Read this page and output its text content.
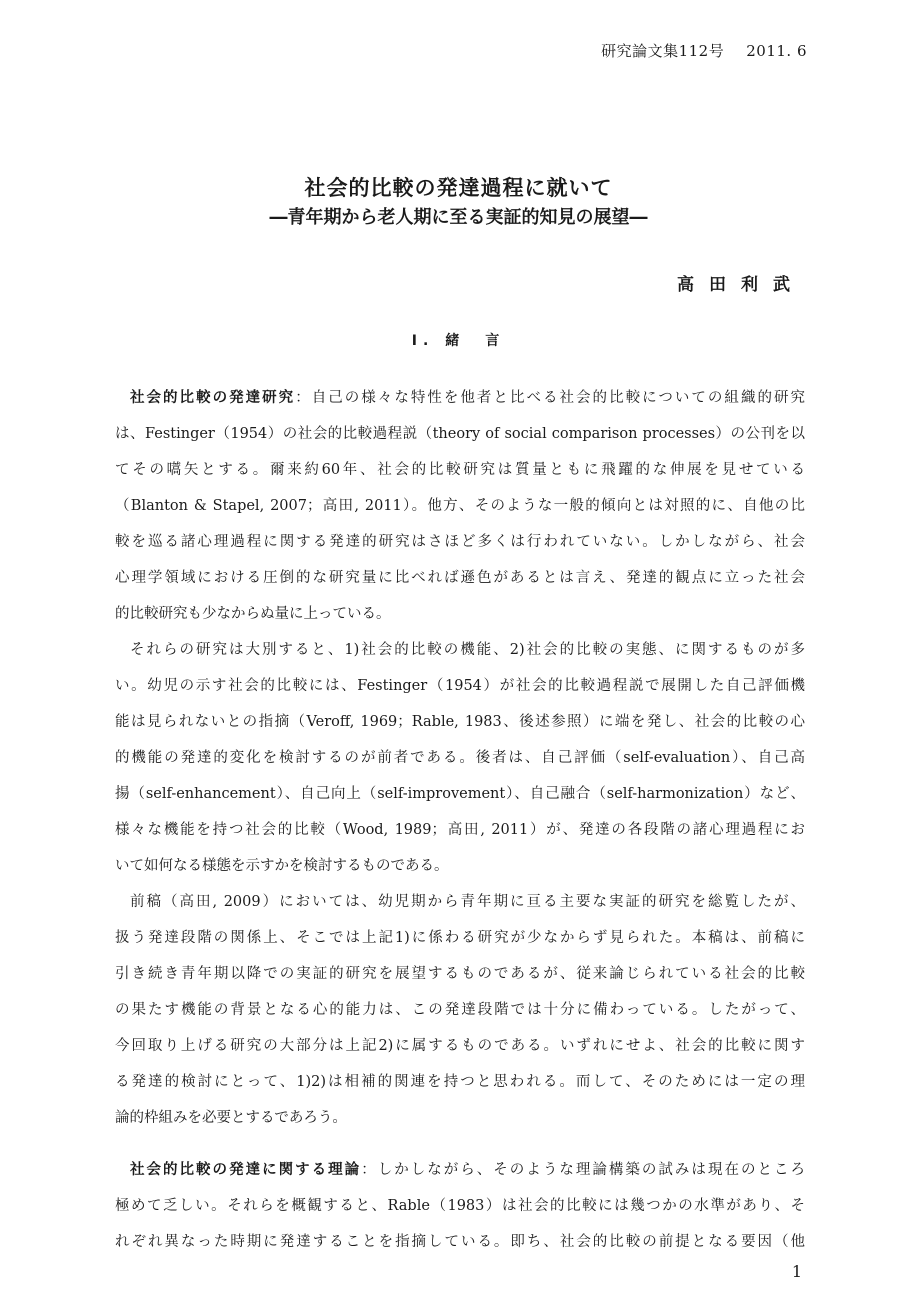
研究論文集112号 2011. 6
社会的比較の発達過程に就いて
―青年期から老人期に至る実証的知見の展望―
高田利武
Ⅰ. 緒　言
社会的比較の発達研究：自己の様々な特性を他者と比べる社会的比較についての組織的研究
は、Festinger（1954）の社会的比較過程説（theory of social comparison processes）の公刊を以
てその嚆矢とする。爾来約60年、社会的比較研究は質量ともに飛躍的な伸展を見せている
（Blanton & Stapel, 2007；高田, 2011）。他方、そのような一般的傾向とは対照的に、自他の比
較を巡る諸心理過程に関する発達的研究はさほど多くは行われていない。しかしながら、社会
心理学領域における圧倒的な研究量に比べれば遜色があるとは言え、発達的観点に立った社会
的比較研究も少なからぬ量に上っている。
それらの研究は大別すると、1)社会的比較の機能、2)社会的比較の実態、に関するものが多
い。幼児の示す社会的比較には、Festinger（1954）が社会的比較過程説で展開した自己評価機
能は見られないとの指摘（Veroff, 1969；Rable, 1983、後述参照）に端を発し、社会的比較の心
的機能の発達的変化を検討するのが前者である。後者は、自己評価（self-evaluation）、自己高
揚（self-enhancement）、自己向上（self-improvement）、自己融合（self-harmonization）など、
様々な機能を持つ社会的比較（Wood, 1989；高田, 2011）が、発達の各段階の諸心理過程にお
いて如何なる様態を示すかを検討するものである。
前稿（高田, 2009）においては、幼児期から青年期に亘る主要な実証的研究を総覧したが、
扱う発達段階の関係上、そこでは上記1)に係わる研究が少なからず見られた。本稿は、前稿に
引き続き青年期以降での実証的研究を展望するものであるが、従来論じられている社会的比較
の果たす機能の背景となる心的能力は、この発達段階では十分に備わっている。したがって、
今回取り上げる研究の大部分は上記2)に属するものである。いずれにせよ、社会的比較に関す
る発達的検討にとって、1)2)は相補的関連を持つと思われる。而して、そのためには一定の理
論的枠組みを必要とするであろう。
社会的比較の発達に関する理論：しかしながら、そのような理論構築の試みは現在のところ
極めて乏しい。それらを概観すると、Rable（1983）は社会的比較には幾つかの水準があり、そ
れぞれ異なった時期に発達することを指摘している。即ち、社会的比較の前提となる要因（他
1
